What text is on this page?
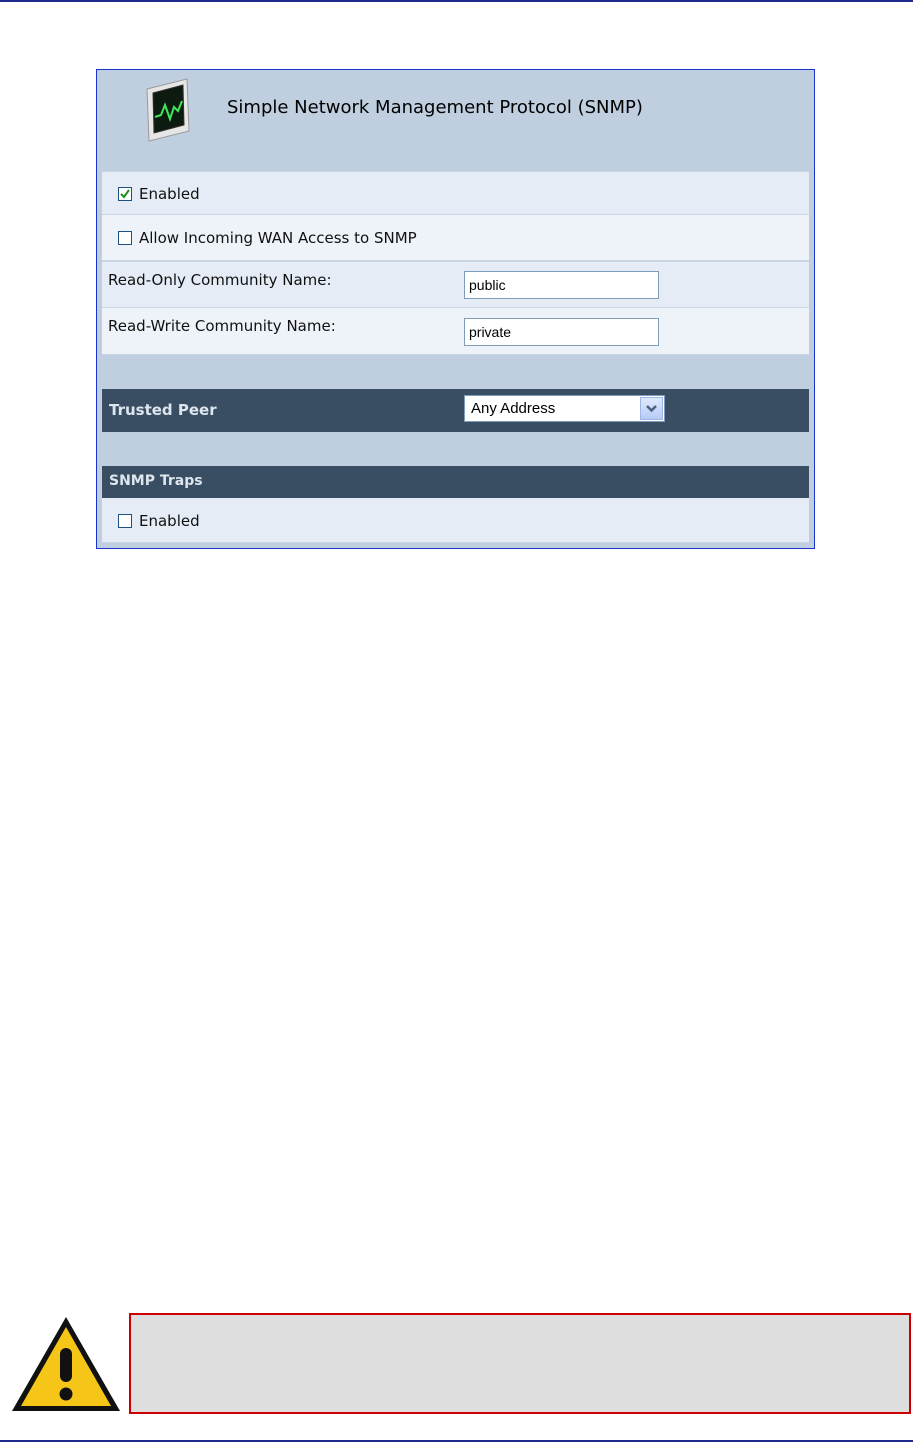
Simple Network Management Protocol (SNMP)
Enabled
Allow Incoming WAN Access to SNMP
Read-Only Community Name:	public
Read-Write Community Name:	private
Trusted Peer	Any Address
SNMP Traps
Enabled
